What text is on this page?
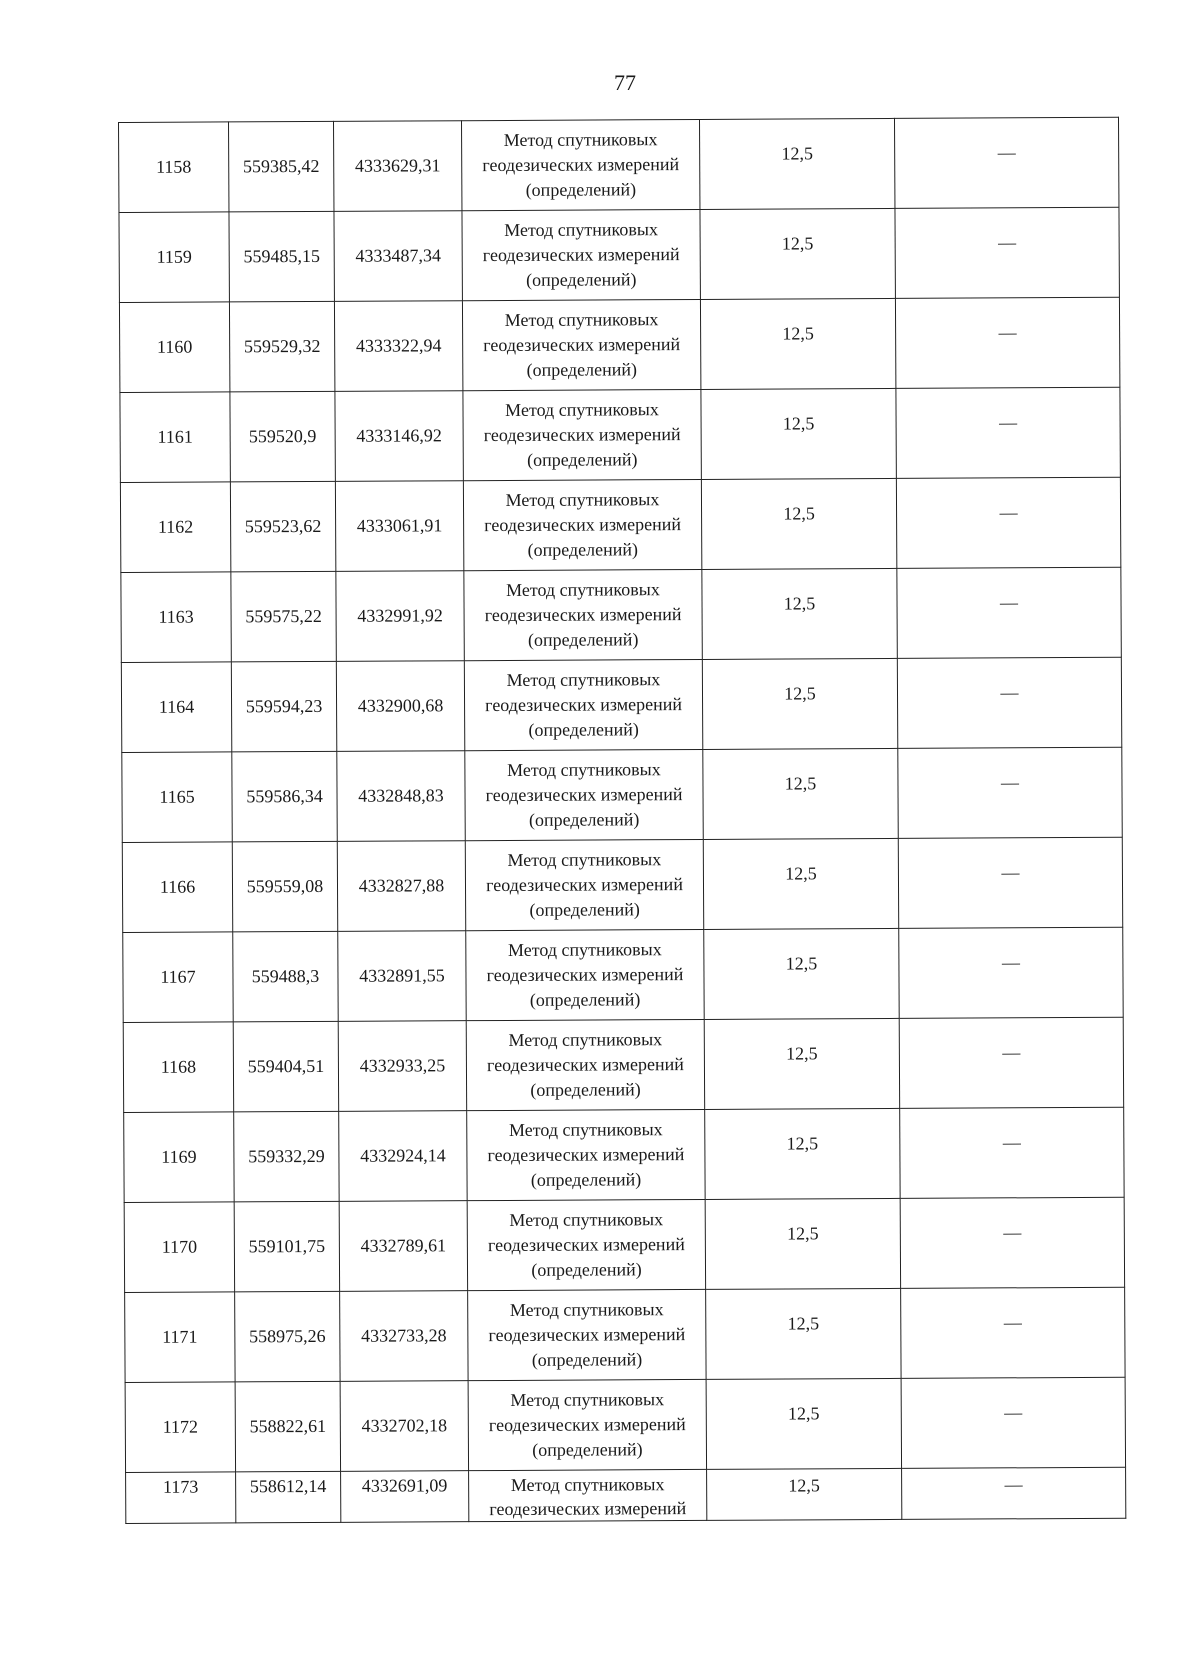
77
1158	559385,42	4333629,31	Метод спутниковых
геодезических измерений
(определений)	12,5	—
1159	559485,15	4333487,34	Метод спутниковых
геодезических измерений
(определений)	12,5	—
1160	559529,32	4333322,94	Метод спутниковых
геодезических измерений
(определений)	12,5	—
1161	559520,9	4333146,92	Метод спутниковых
геодезических измерений
(определений)	12,5	—
1162	559523,62	4333061,91	Метод спутниковых
геодезических измерений
(определений)	12,5	—
1163	559575,22	4332991,92	Метод спутниковых
геодезических измерений
(определений)	12,5	—
1164	559594,23	4332900,68	Метод спутниковых
геодезических измерений
(определений)	12,5	—
1165	559586,34	4332848,83	Метод спутниковых
геодезических измерений
(определений)	12,5	—
1166	559559,08	4332827,88	Метод спутниковых
геодезических измерений
(определений)	12,5	—
1167	559488,3	4332891,55	Метод спутниковых
геодезических измерений
(определений)	12,5	—
1168	559404,51	4332933,25	Метод спутниковых
геодезических измерений
(определений)	12,5	—
1169	559332,29	4332924,14	Метод спутниковых
геодезических измерений
(определений)	12,5	—
1170	559101,75	4332789,61	Метод спутниковых
геодезических измерений
(определений)	12,5	—
1171	558975,26	4332733,28	Метод спутниковых
геодезических измерений
(определений)	12,5	—
1172	558822,61	4332702,18	Метод спутниковых
геодезических измерений
(определений)	12,5	—
1173	558612,14	4332691,09	Метод спутниковых
геодезических измерений	12,5	—
